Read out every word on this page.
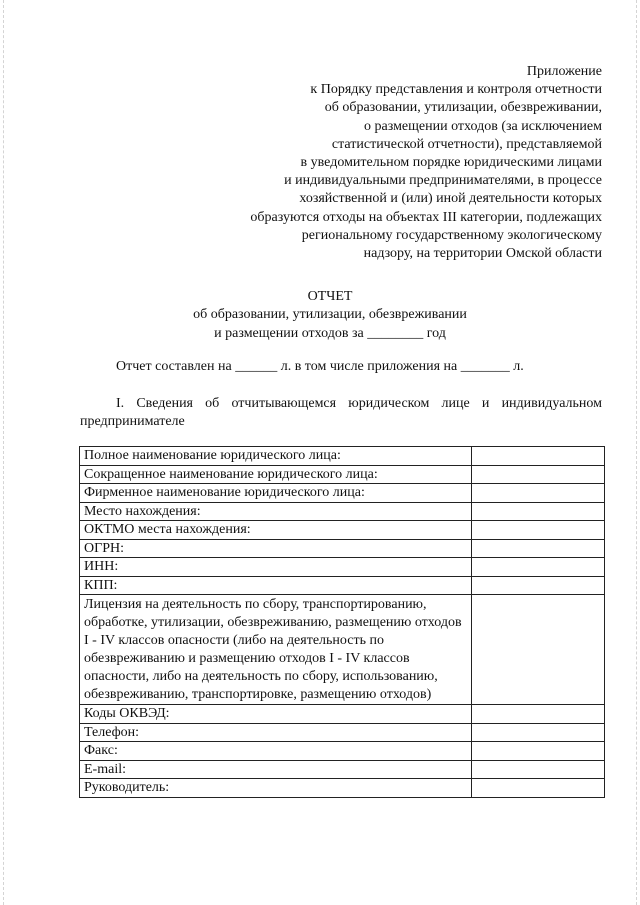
Приложение
к Порядку представления и контроля отчетности
об образовании, утилизации, обезвреживании,
о размещении отходов (за исключением
статистической отчетности), представляемой
в уведомительном порядке юридическими лицами
и индивидуальными предпринимателями, в процессе
хозяйственной и (или) иной деятельности которых
образуются отходы на объектах III категории, подлежащих
региональному государственному экологическому
надзору, на территории Омской области
ОТЧЕТ
об образовании, утилизации, обезвреживании
и размещении отходов за ________ год
Отчет составлен на ______ л. в том числе приложения на _______ л.

I. Сведения об отчитывающемся юридическом лице и индивидуальном предпринимателе

Полное наименование юридического лица:	
Сокращенное наименование юридического лица:	
Фирменное наименование юридического лица:	
Место нахождения:	
ОКТМО места нахождения:	
ОГРН:	
ИНН:	
КПП:	
Лицензия на деятельность по сбору, транспортированию, обработке, утилизации, обезвреживанию, размещению отходов I - IV классов опасности (либо на деятельность по обезвреживанию и размещению отходов I - IV классов опасности, либо на деятельность по сбору, использованию, обезвреживанию, транспортировке, размещению отходов)	
Коды ОКВЭД:	
Телефон:	
Факс:	
E-mail:	
Руководитель:	
